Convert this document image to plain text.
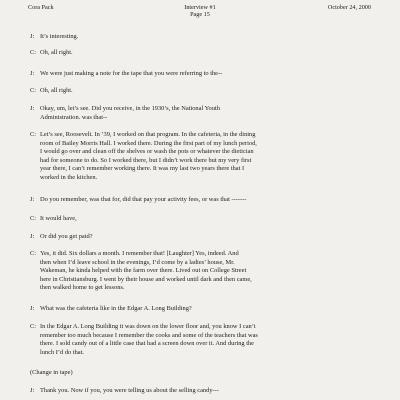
Cora Pack	Interview #1
Page 15
October 24, 2000
J: It’s interesting.
C: Oh, all right.
J: We were just making a note for the tape that you were referring to the--
C: Oh, all right.
J: Okay, um, let’s see. Did you receive, in the 1930’s, the National Youth
Administration. was that--
C: Let’s see, Roosevelt. In ’39, I worked on that program. In the cafeteria, in the dining
room of Bailey Morris Hall. I worked there. During the first part of my lunch period,
I would go over and clean off the shelves or wash the pots or whatever the dietician
had for someone to do. So I worked there, but I didn’t work there but my very first
year there, I can’t remember working there. It was my last two years there that I
worked in the kitchen.
J: Do you remember, was that for, did that pay your activity fees, or was that -------
C: It would have,
J: Or did you get paid?
C: Yes, it did. Six dollars a month. I remember that! [Laughter] Yes, indeed. And
then when I’d leave school in the evenings, I’d come by a ladies’ house, Mr.
Wakeman, he kinda helped with the farm over there. Lived out on College Street
here in Christiansburg. I went by their house and worked until dark and then came,
then walked home to get lessons.
J: What was the cafeteria like in the Edgar A. Long Building?
C: In the Edgar A. Long Building it was down on the lower floor and, you know I can’t
remember too much because I remember the cooks and some of the teachers that was
there. I sold candy out of a little case that had a screen down over it. And during the
lunch I’d do that.
(Change in tape)
J: Thank you. Now if you, you were telling us about the selling candy---
